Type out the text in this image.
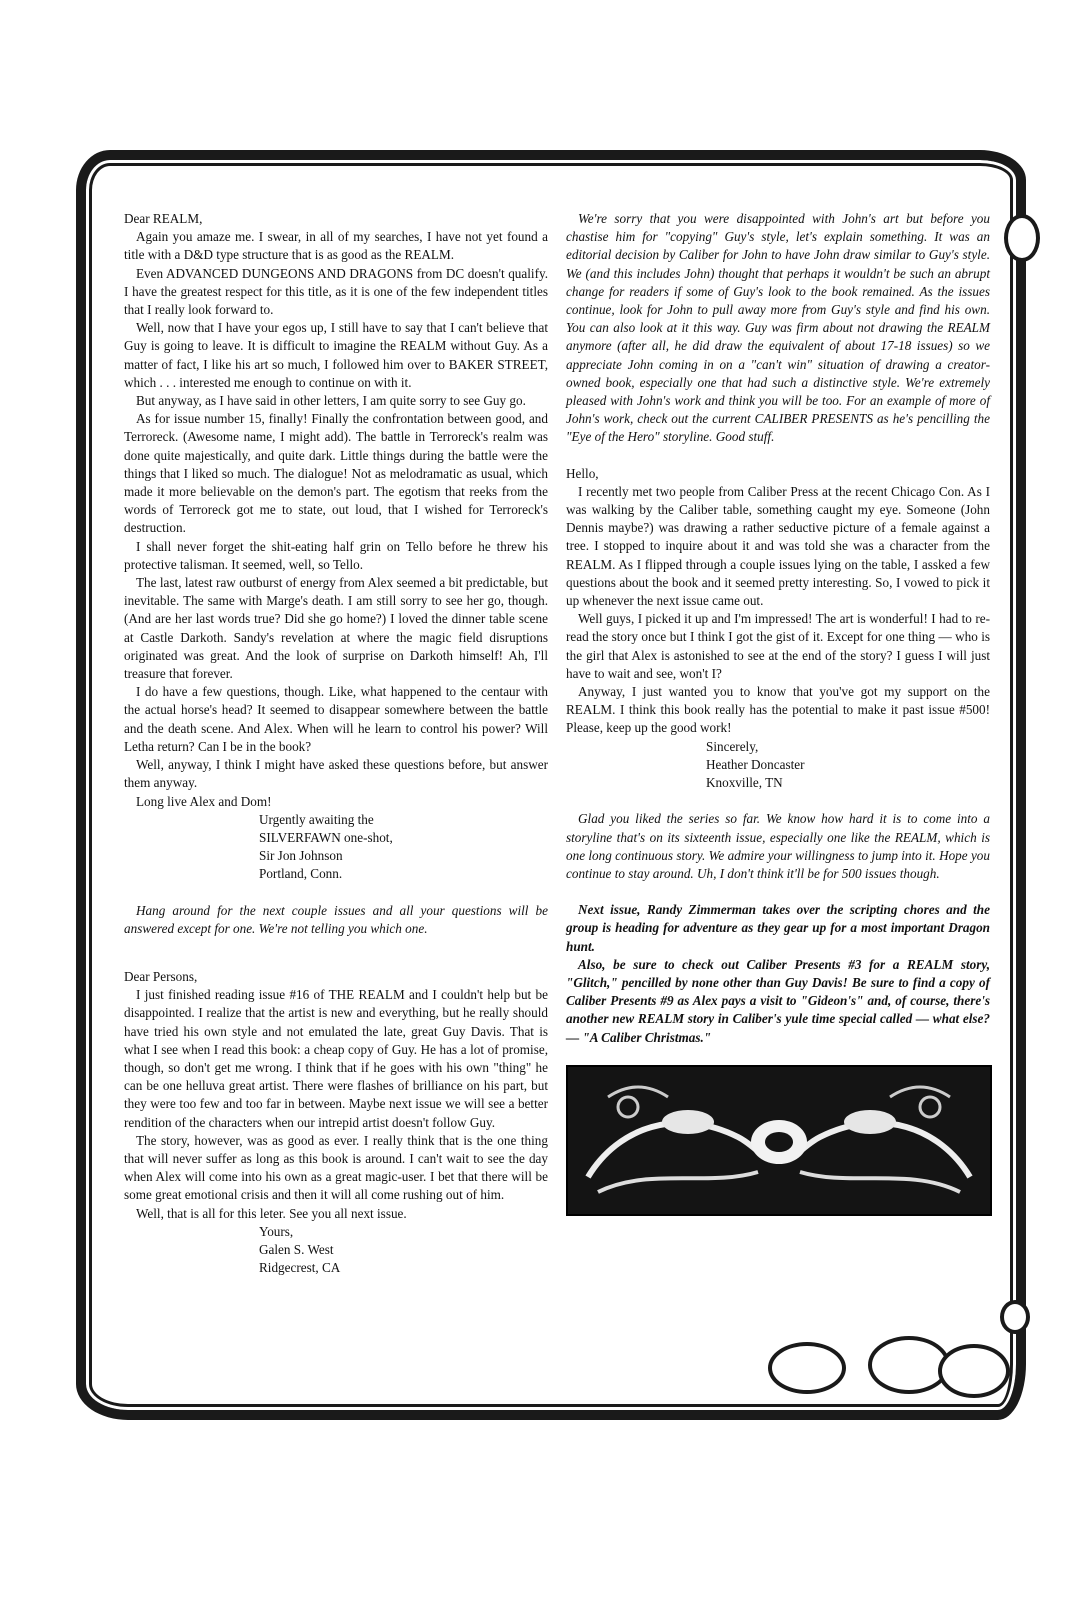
Dear REALM,

Again you amaze me. I swear, in all of my searches, I have not yet found a title with a D&D type structure that is as good as the REALM.

Even ADVANCED DUNGEONS AND DRAGONS from DC doesn't qualify. I have the greatest respect for this title, as it is one of the few independent titles that I really look forward to.

Well, now that I have your egos up, I still have to say that I can't believe that Guy is going to leave. It is difficult to imagine the REALM without Guy. As a matter of fact, I like his art so much, I followed him over to BAKER STREET, which . . . interested me enough to continue on with it.

But anyway, as I have said in other letters, I am quite sorry to see Guy go.

As for issue number 15, finally! Finally the confrontation between good, and Terroreck. (Awesome name, I might add). The battle in Terroreck's realm was done quite majestically, and quite dark. Little things during the battle were the things that I liked so much. The dialogue! Not as melodramatic as usual, which made it more believable on the demon's part. The egotism that reeks from the words of Terroreck got me to state, out loud, that I wished for Terroreck's destruction.

I shall never forget the shit-eating half grin on Tello before he threw his protective talisman. It seemed, well, so Tello.

The last, latest raw outburst of energy from Alex seemed a bit predictable, but inevitable. The same with Marge's death. I am still sorry to see her go, though. (And are her last words true? Did she go home?) I loved the dinner table scene at Castle Darkoth. Sandy's revelation at where the magic field disruptions originated was great. And the look of surprise on Darkoth himself! Ah, I'll treasure that forever.

I do have a few questions, though. Like, what happened to the centaur with the actual horse's head? It seemed to disappear somewhere between the battle and the death scene. And Alex. When will he learn to control his power? Will Letha return? Can I be in the book?

Well, anyway, I think I might have asked these questions before, but answer them anyway.

Long live Alex and Dom!

Urgently awaiting the

SILVERFAWN one-shot,

Sir Jon Johnson

Portland, Conn.

Hang around for the next couple issues and all your questions will be answered except for one. We're not telling you which one.

Dear Persons,

I just finished reading issue #16 of THE REALM and I couldn't help but be disappointed. I realize that the artist is new and everything, but he really should have tried his own style and not emulated the late, great Guy Davis. That is what I see when I read this book: a cheap copy of Guy. He has a lot of promise, though, so don't get me wrong. I think that if he goes with his own "thing" he can be one helluva great artist. There were flashes of brilliance on his part, but they were too few and too far in between. Maybe next issue we will see a better rendition of the characters when our intrepid artist doesn't follow Guy.

The story, however, was as good as ever. I really think that is the one thing that will never suffer as long as this book is around. I can't wait to see the day when Alex will come into his own as a great magic-user. I bet that there will be some great emotional crisis and then it will all come rushing out of him.

Well, that is all for this leter. See you all next issue.

Yours,

Galen S. West

Ridgecrest, CA

We're sorry that you were disappointed with John's art but before you chastise him for "copying" Guy's style, let's explain something. It was an editorial decision by Caliber for John to have John draw similar to Guy's style. We (and this includes John) thought that perhaps it wouldn't be such an abrupt change for readers if some of Guy's look to the book remained. As the issues continue, look for John to pull away more from Guy's style and find his own. You can also look at it this way. Guy was firm about not drawing the REALM anymore (after all, he did draw the equivalent of about 17-18 issues) so we appreciate John coming in on a "can't win" situation of drawing a creator-owned book, especially one that had such a distinctive style. We're extremely pleased with John's work and think you will be too. For an example of more of John's work, check out the current CALIBER PRESENTS as he's pencilling the "Eye of the Hero" storyline. Good stuff.

Hello,

I recently met two people from Caliber Press at the recent Chicago Con. As I was walking by the Caliber table, something caught my eye. Someone (John Dennis maybe?) was drawing a rather seductive picture of a female against a tree. I stopped to inquire about it and was told she was a character from the REALM. As I flipped through a couple issues lying on the table, I assked a few questions about the book and it seemed pretty interesting. So, I vowed to pick it up whenever the next issue came out.

Well guys, I picked it up and I'm impressed! The art is wonderful! I had to re-read the story once but I think I got the gist of it. Except for one thing — who is the girl that Alex is astonished to see at the end of the story? I guess I will just have to wait and see, won't I?

Anyway, I just wanted you to know that you've got my support on the REALM. I think this book really has the potential to make it past issue #500! Please, keep up the good work!

Sincerely,

Heather Doncaster

Knoxville, TN

Glad you liked the series so far. We know how hard it is to come into a storyline that's on its sixteenth issue, especially one like the REALM, which is one long continuous story. We admire your willingness to jump into it. Hope you continue to stay around. Uh, I don't think it'll be for 500 issues though.

Next issue, Randy Zimmerman takes over the scripting chores and the group is heading for adventure as they gear up for a most important Dragon hunt.

Also, be sure to check out Caliber Presents #3 for a REALM story, "Glitch," pencilled by none other than Guy Davis! Be sure to find a copy of Caliber Presents #9 as Alex pays a visit to "Gideon's" and, of course, there's another new REALM story in Caliber's yule time special called — what else? — "A Caliber Christmas."
